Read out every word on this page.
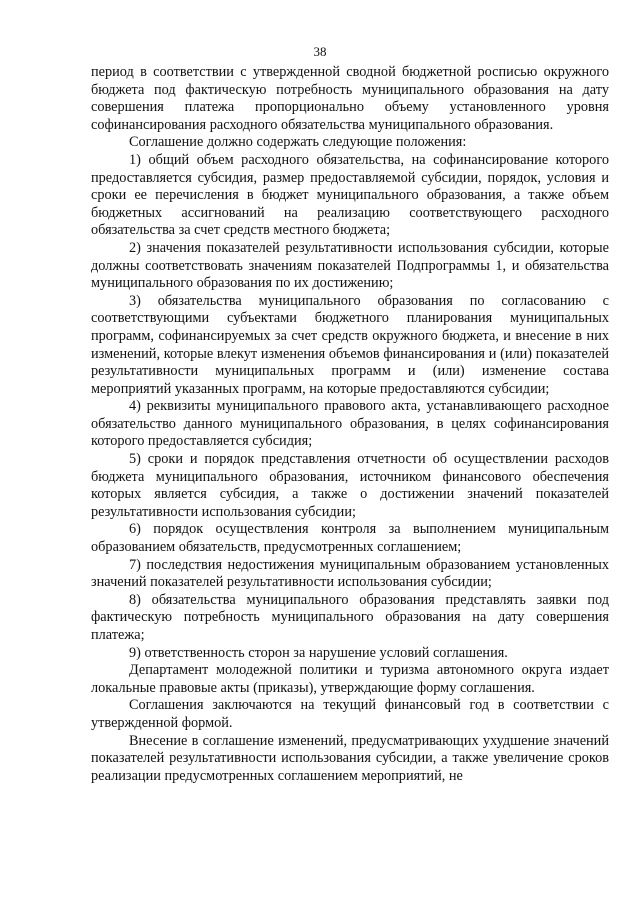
38

период в соответствии с утвержденной сводной бюджетной росписью окружного бюджета под фактическую потребность муниципального образования на дату совершения платежа пропорционально объему установленного уровня софинансирования расходного обязательства муниципального образования.

Соглашение должно содержать следующие положения:

1) общий объем расходного обязательства, на софинансирование которого предоставляется субсидия, размер предоставляемой субсидии, порядок, условия и сроки ее перечисления в бюджет муниципального образования, а также объем бюджетных ассигнований на реализацию соответствующего расходного обязательства за счет средств местного бюджета;

2) значения показателей результативности использования субсидии, которые должны соответствовать значениям показателей Подпрограммы 1, и обязательства муниципального образования по их достижению;

3) обязательства муниципального образования по согласованию с соответствующими субъектами бюджетного планирования муниципальных программ, софинансируемых за счет средств окружного бюджета, и внесение в них изменений, которые влекут изменения объемов финансирования и (или) показателей результативности муниципальных программ и (или) изменение состава мероприятий указанных программ, на которые предоставляются субсидии;

4) реквизиты муниципального правового акта, устанавливающего расходное обязательство данного муниципального образования, в целях софинансирования которого предоставляется субсидия;

5) сроки и порядок представления отчетности об осуществлении расходов бюджета муниципального образования, источником финансового обеспечения которых является субсидия, а также о достижении значений показателей результативности использования субсидии;

6) порядок осуществления контроля за выполнением муниципальным образованием обязательств, предусмотренных соглашением;

7) последствия недостижения муниципальным образованием установленных значений показателей результативности использования субсидии;

8) обязательства муниципального образования представлять заявки под фактическую потребность муниципального образования на дату совершения платежа;

9) ответственность сторон за нарушение условий соглашения.

Департамент молодежной политики и туризма автономного округа издает локальные правовые акты (приказы), утверждающие форму соглашения.

Соглашения заключаются на текущий финансовый год в соответствии с утвержденной формой.

Внесение в соглашение изменений, предусматривающих ухудшение значений показателей результативности использования субсидии, а также увеличение сроков реализации предусмотренных соглашением мероприятий, не
